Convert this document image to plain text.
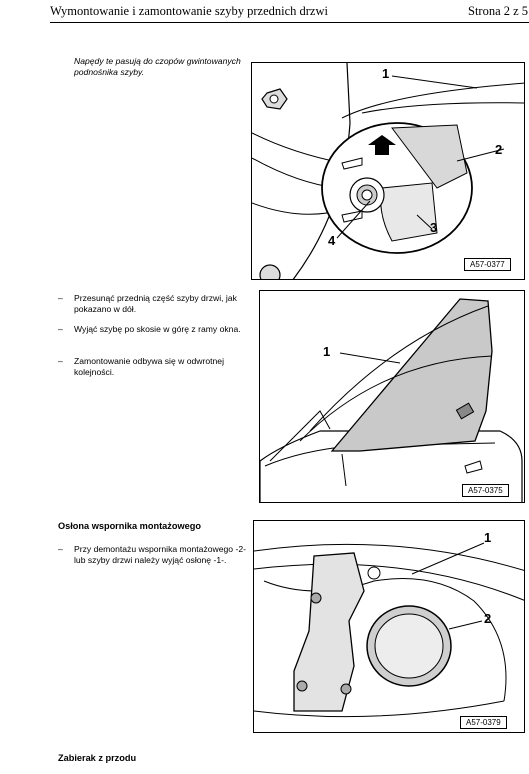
Wymontowanie i zamontowanie szyby przednich drzwi	Strona 2 z 5
Napędy te pasują do czopów gwintowanych podnośnika szyby.	1
2
3
4
A57-0377
– Przesunąć przednią część szyby drzwi, jak pokazano w dół.
– Wyjąć szybę po skosie w górę z ramy okna.
– Zamontowanie odbywa się w odwrotnej kolejności.
1
A57-0375
Osłona wspornika montażowego
– Przy demontażu wspornika montażowego -2- lub szyby drzwi należy wyjąć osłonę -1-.
1
2
A57-0379
Zabierak z przodu
